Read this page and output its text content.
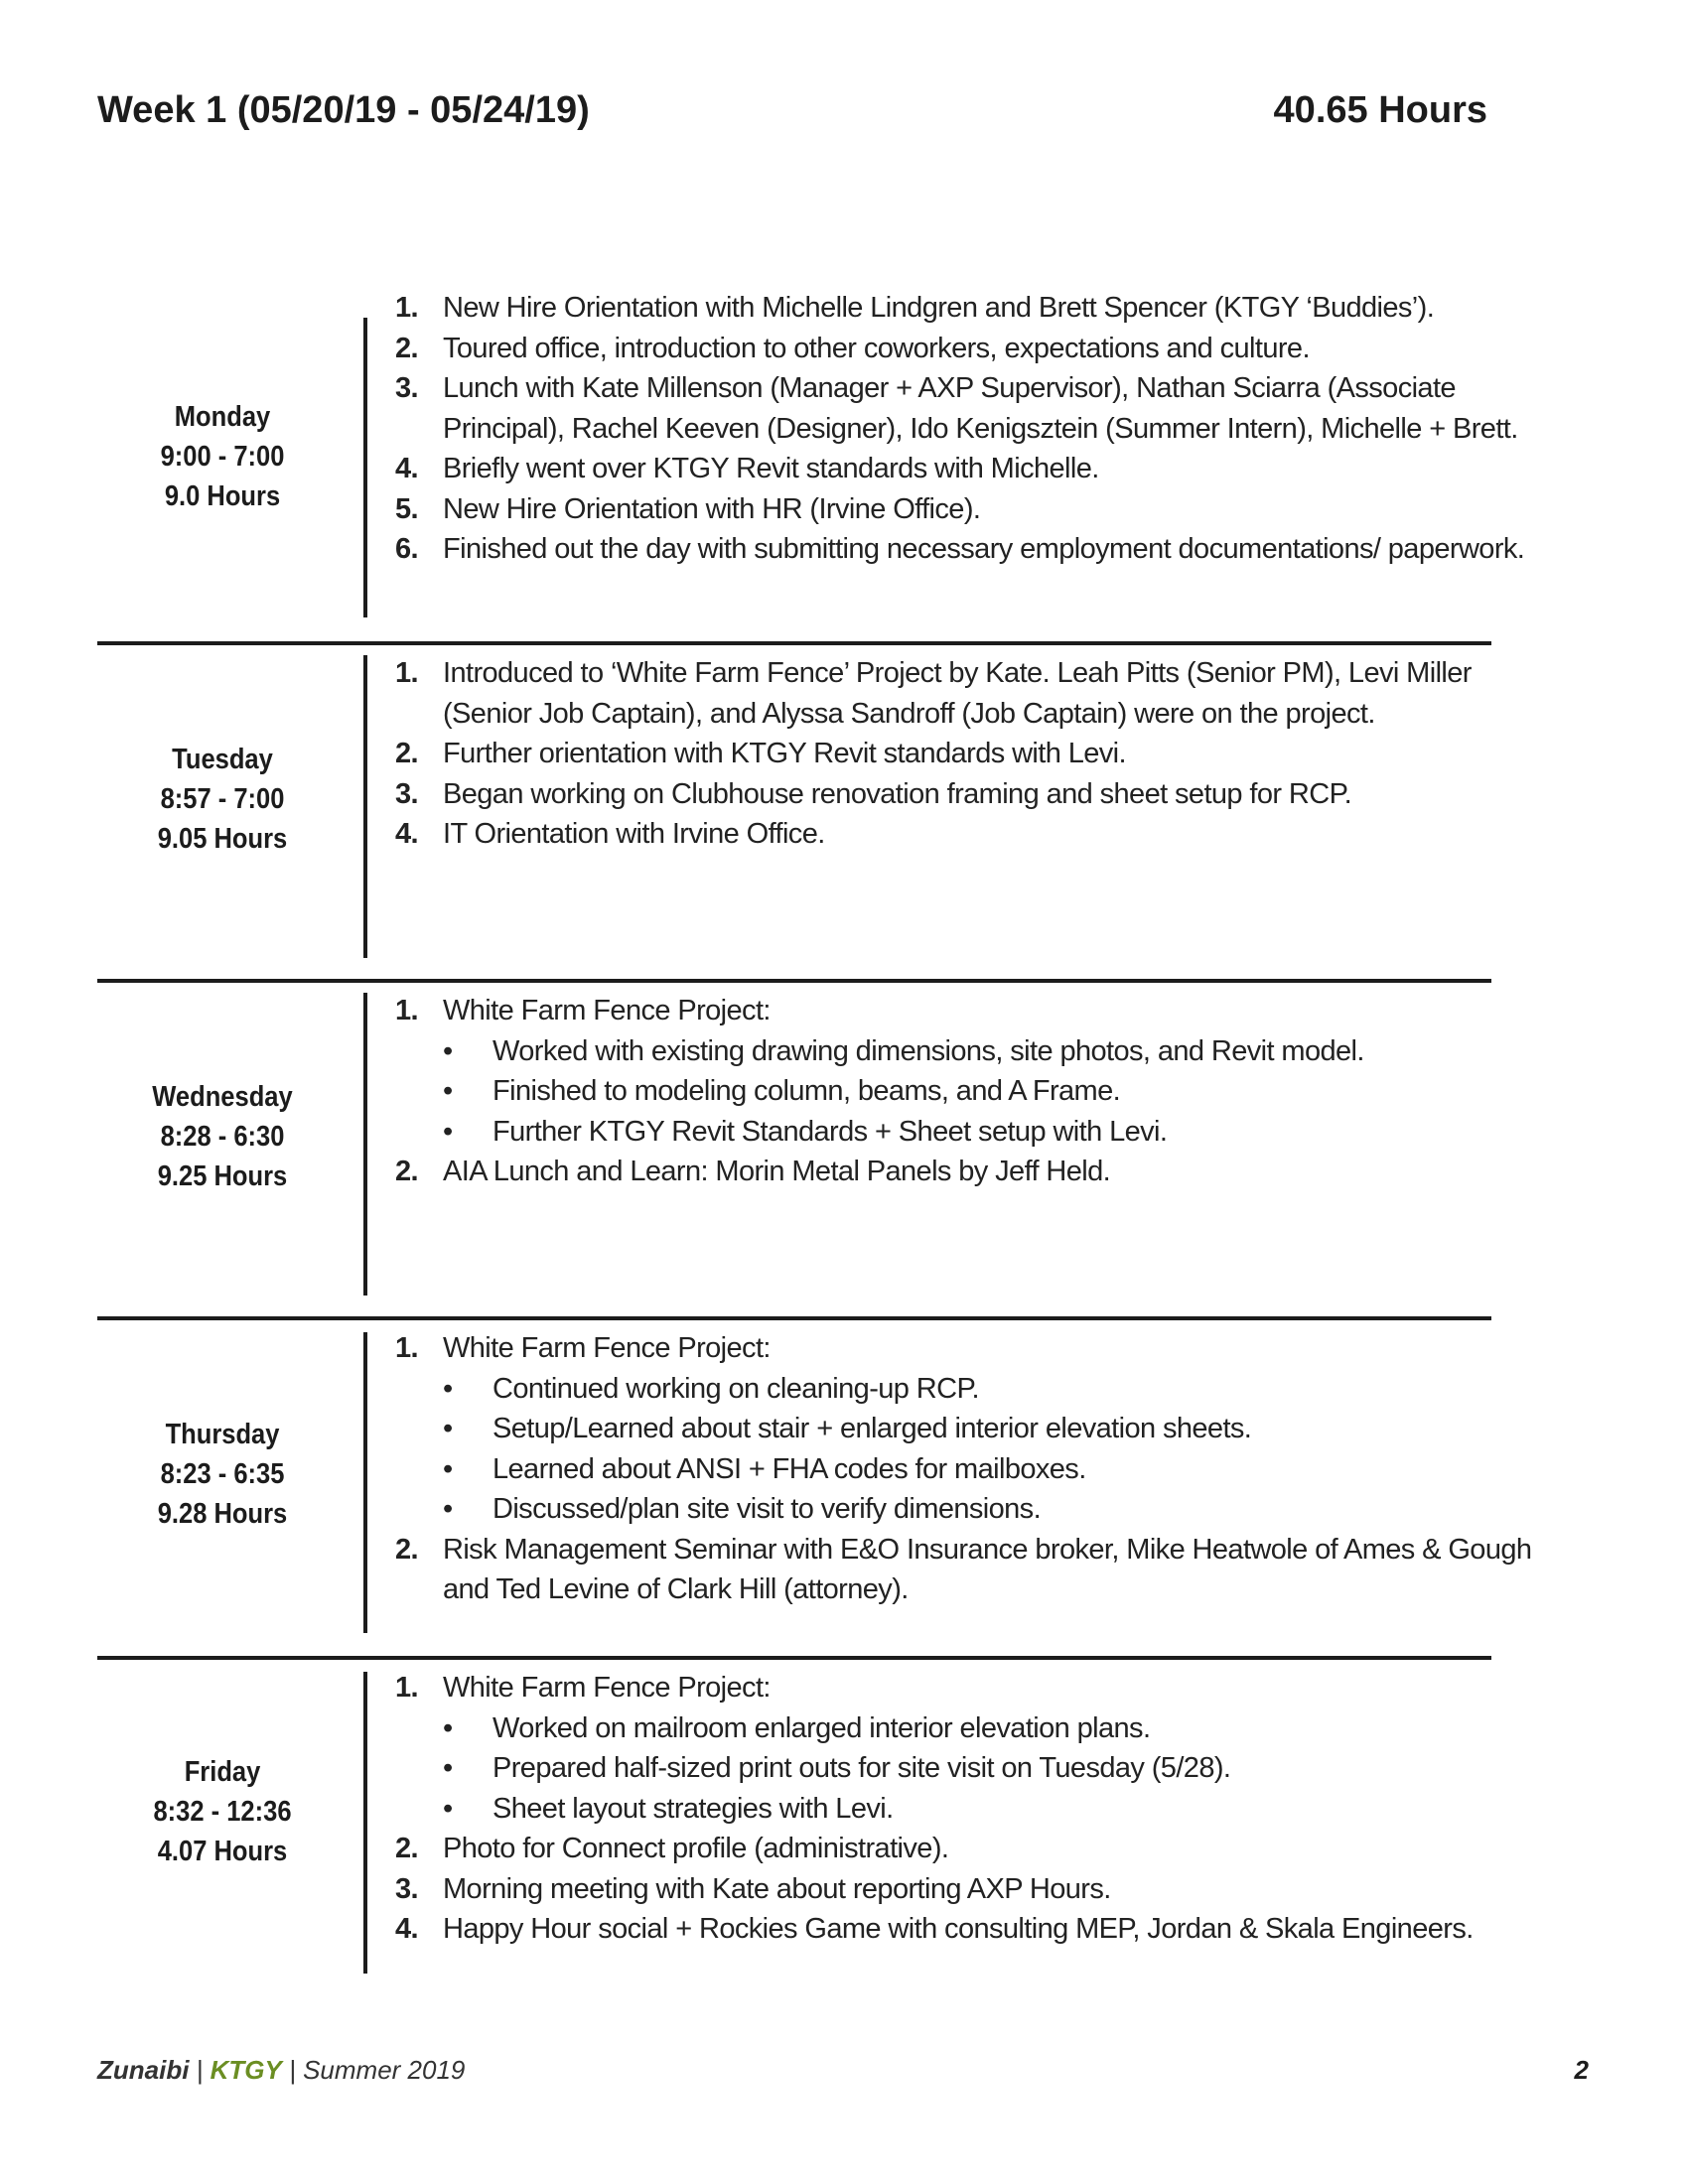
Week 1 (05/20/19 - 05/24/19)	40.65 Hours
Monday
9:00 - 7:00
9.0 Hours
1. New Hire Orientation with Michelle Lindgren and Brett Spencer (KTGY ‘Buddies’).
2. Toured office, introduction to other coworkers, expectations and culture.
3. Lunch with Kate Millenson (Manager + AXP Supervisor), Nathan Sciarra (Associate Principal), Rachel Keeven (Designer), Ido Kenigsztein (Summer Intern), Michelle + Brett.
4. Briefly went over KTGY Revit standards with Michelle.
5. New Hire Orientation with HR (Irvine Office).
6. Finished out the day with submitting necessary employment documentations/ paperwork.
Tuesday
8:57 - 7:00
9.05 Hours
1. Introduced to ‘White Farm Fence’ Project by Kate. Leah Pitts (Senior PM), Levi Miller (Senior Job Captain), and Alyssa Sandroff (Job Captain) were on the project.
2. Further orientation with KTGY Revit standards with Levi.
3. Began working on Clubhouse renovation framing and sheet setup for RCP.
4. IT Orientation with Irvine Office.
Wednesday
8:28 - 6:30
9.25 Hours
1. White Farm Fence Project:
• Worked with existing drawing dimensions, site photos, and Revit model.
• Finished to modeling column, beams, and A Frame.
• Further KTGY Revit Standards + Sheet setup with Levi.
2. AIA Lunch and Learn: Morin Metal Panels by Jeff Held.
Thursday
8:23 - 6:35
9.28 Hours
1. White Farm Fence Project:
• Continued working on cleaning-up RCP.
• Setup/Learned about stair + enlarged interior elevation sheets.
• Learned about ANSI + FHA codes for mailboxes.
• Discussed/plan site visit to verify dimensions.
2. Risk Management Seminar with E&O Insurance broker, Mike Heatwole of Ames & Gough and Ted Levine of Clark Hill (attorney).
Friday
8:32 - 12:36
4.07 Hours
1. White Farm Fence Project:
• Worked on mailroom enlarged interior elevation plans.
• Prepared half-sized print outs for site visit on Tuesday (5/28).
• Sheet layout strategies with Levi.
2. Photo for Connect profile (administrative).
3. Morning meeting with Kate about reporting AXP Hours.
4. Happy Hour social + Rockies Game with consulting MEP, Jordan & Skala Engineers.
Zunaibi | KTGY | Summer 2019	2
